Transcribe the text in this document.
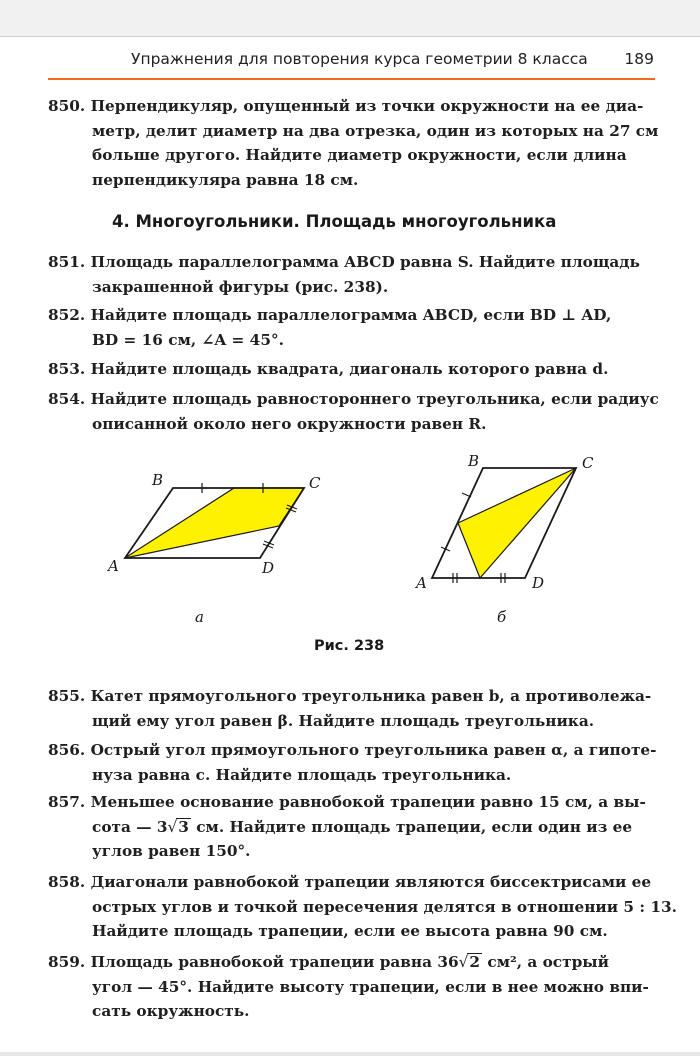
Упражнения для повторения курса геометрии 8 класса 189
850. Перпендикуляр, опущенный из точки окружности на ее диа-
метр, делит диаметр на два отрезка, один из которых на 27 см
больше другого. Найдите диаметр окружности, если длина
перпендикуляра равна 18 см.
4. Многоугольники. Площадь многоугольника
851. Площадь параллелограмма ABCD равна S. Найдите площадь
закрашенной фигуры (рис. 238).
852. Найдите площадь параллелограмма ABCD, если BD ⊥ AD,
BD = 16 см, ∠A = 45°.
853. Найдите площадь квадрата, диагональ которого равна d.
854. Найдите площадь равностороннего треугольника, если радиус
описанной около него окружности равен R.
A
B	C
D
а
A
B	C
D
б
Рис. 238
855. Катет прямоугольного треугольника равен b, а противолежа-
щий ему угол равен β. Найдите площадь треугольника.
856. Острый угол прямоугольного треугольника равен α, а гипоте-
нуза равна c. Найдите площадь треугольника.
857. Меньшее основание равнобокой трапеции равно 15 см, а вы-
сота — 3√3 см. Найдите площадь трапеции, если один из ее
углов равен 150°.
858. Диагонали равнобокой трапеции являются биссектрисами ее
острых углов и точкой пересечения делятся в отношении 5 : 13.
Найдите площадь трапеции, если ее высота равна 90 см.
859. Площадь равнобокой трапеции равна 36√2 см², а острый
угол — 45°. Найдите высоту трапеции, если в нее можно впи-
сать окружность.
